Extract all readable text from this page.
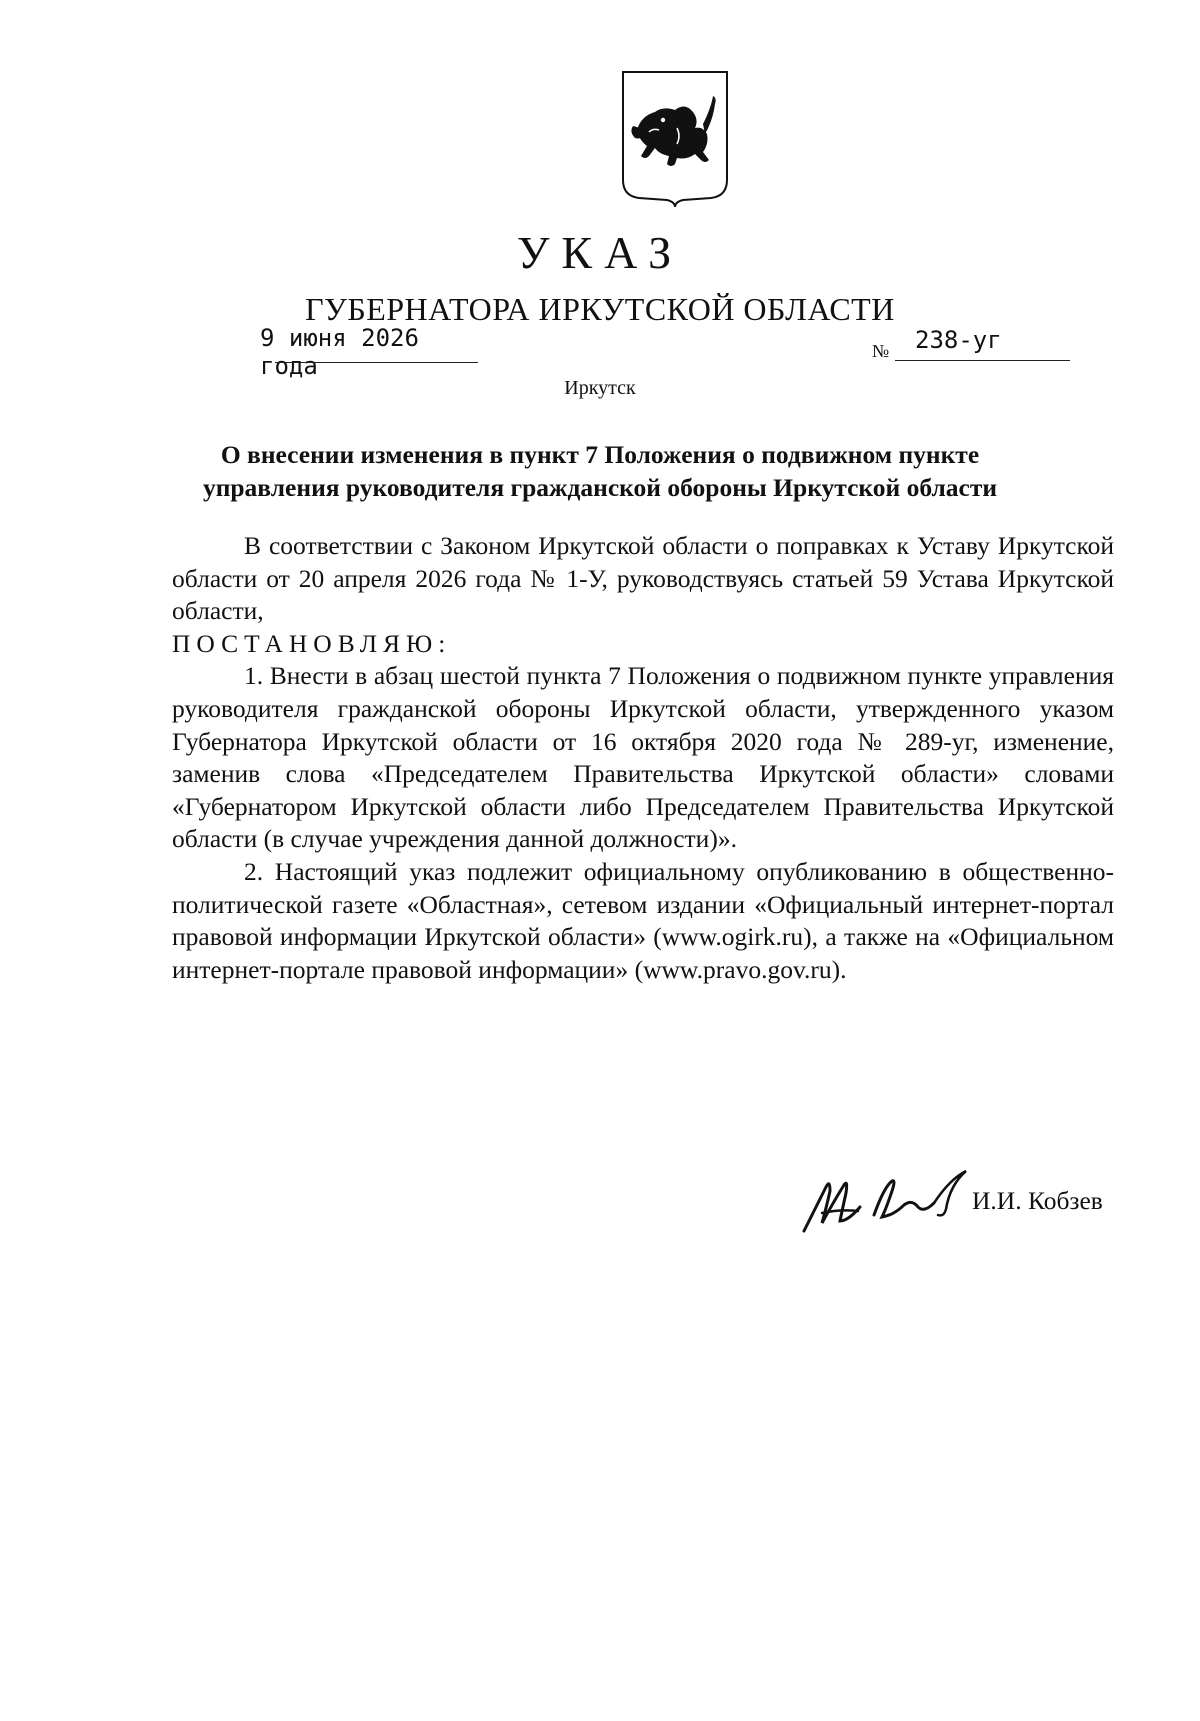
УКАЗ
ГУБЕРНАТОРА ИРКУТСКОЙ ОБЛАСТИ
9 июня 2026 года
№ 238-уг
Иркутск
О внесении изменения в пункт 7 Положения о подвижном пункте
управления руководителя гражданской обороны Иркутской области

В соответствии с Законом Иркутской области о поправках к Уставу Иркутской области от 20 апреля 2026 года № 1-У, руководствуясь статьей 59 Устава Иркутской области,

ПОСТАНОВЛЯЮ:

1. Внести в абзац шестой пункта 7 Положения о подвижном пункте управления руководителя гражданской обороны Иркутской области, утвержденного указом Губернатора Иркутской области от 16 октября 2020 года № 289-уг, изменение, заменив слова «Председателем Правительства Иркутской области» словами «Губернатором Иркутской области либо Председателем Правительства Иркутской области (в случае учреждения данной должности)».

2. Настоящий указ подлежит официальному опубликованию в общественно-политической газете «Областная», сетевом издании «Официальный интернет-портал правовой информации Иркутской области» (www.ogirk.ru), а также на «Официальном интернет-портале правовой информации» (www.pravo.gov.ru).

И.И. Кобзев
